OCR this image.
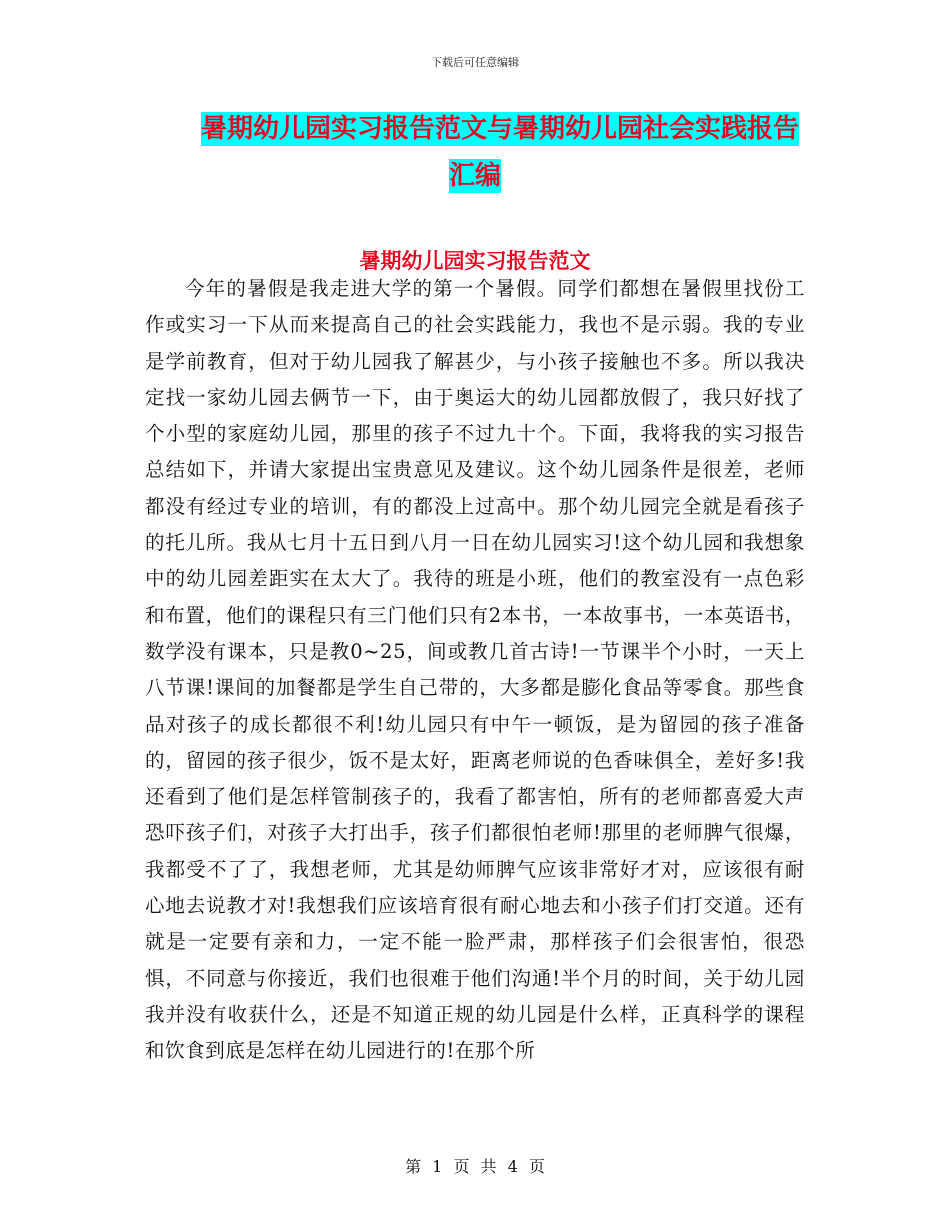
下载后可任意编辑
暑期幼儿园实习报告范文与暑期幼儿园社会实践报告
汇编
暑期幼儿园实习报告范文
今年的暑假是我走进大学的第一个暑假。同学们都想在暑假里找份工作或实习一下从而来提高自己的社会实践能力，我也不是示弱。我的专业是学前教育，但对于幼儿园我了解甚少，与小孩子接触也不多。所以我决定找一家幼儿园去俩节一下，由于奥运大的幼儿园都放假了，我只好找了个小型的家庭幼儿园，那里的孩子不过九十个。下面，我将我的实习报告总结如下，并请大家提出宝贵意见及建议。这个幼儿园条件是很差，老师都没有经过专业的培训，有的都没上过高中。那个幼儿园完全就是看孩子的托儿所。我从七月十五日到八月一日在幼儿园实习!这个幼儿园和我想象中的幼儿园差距实在太大了。我待的班是小班，他们的教室没有一点色彩和布置，他们的课程只有三门他们只有2本书，一本故事书，一本英语书，数学没有课本，只是教0~25，间或教几首古诗!一节课半个小时，一天上八节课!课间的加餐都是学生自己带的，大多都是膨化食品等零食。那些食品对孩子的成长都很不利!幼儿园只有中午一顿饭，是为留园的孩子准备的，留园的孩子很少，饭不是太好，距离老师说的色香味俱全，差好多!我还看到了他们是怎样管制孩子的，我看了都害怕，所有的老师都喜爱大声恐吓孩子们，对孩子大打出手，孩子们都很怕老师!那里的老师脾气很爆，我都受不了了，我想老师，尤其是幼师脾气应该非常好才对，应该很有耐心地去说教才对!我想我们应该培育很有耐心地去和小孩子们打交道。还有就是一定要有亲和力，一定不能一脸严肃，那样孩子们会很害怕，很恐惧，不同意与你接近，我们也很难于他们沟通!半个月的时间，关于幼儿园我并没有收获什么，还是不知道正规的幼儿园是什么样，正真科学的课程和饮食到底是怎样在幼儿园进行的!在那个所
第 1 页 共 4 页
